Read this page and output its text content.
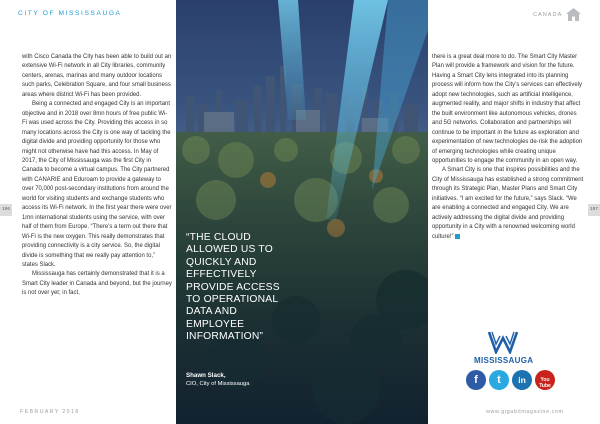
CITY OF MISSISSAUGA	CANADA
196	197

with Cisco Canada the City has been able to build out an extensive Wi-Fi network in all City libraries, community centers, arenas, marinas and many outdoor locations such parks, Celebration Square, and four small business areas where district Wi-Fi has been provided.

Being a connected and engaged City is an important objective and in 2018 over 8mn hours of free public Wi-Fi was used across the City. Providing this access in so many locations across the City is one way of tackling the digital divide and providing opportunity for those who might not otherwise have had this access. In May of 2017, the City of Mississauga was the first City in Canada to become a virtual campus. The City partnered with CANARIE and Eduroam to provide a gateway to over 70,000 post-secondary institutions from around the world for visiting students and exchange students who access its Wi-Fi network. In the first year there were over 1mn international students using the service, with over half of them from Europe. “There’s a term out there that Wi-Fi is the new oxygen. This really demonstrates that providing connectivity is a city service. So, the digital divide is something that we really pay attention to,” states Slack.

Mississauga has certainly demonstrated that it is a Smart City leader in Canada and beyond, but the journey is not over yet; in fact,

“THE CLOUD ALLOWED US TO QUICKLY AND EFFECTIVELY PROVIDE ACCESS TO OPERATIONAL DATA AND EMPLOYEE INFORMATION”
Shawn Slack,
CIO, City of Mississauga

there is a great deal more to do. The Smart City Master Plan will provide a framework and vision for the future. Having a Smart City lens integrated into its planning process will inform how the City’s services can effectively adopt new technologies, such as artificial intelligence, augmented reality, and major shifts in industry that affect the built environment like autonomous vehicles, drones and 5G networks. Collaboration and partnerships will continue to be important in the future as exploration and experimentation of new technologies de-risk the adoption of emerging technologies while creating unique opportunities to engage the community in an open way.

A Smart City is one that inspires possibilities and the City of Mississauga has established a strong commitment through its Strategic Plan, Master Plans and Smart City initiatives. “I am excited for the future,” says Slack. “We are enabling a connected and engaged City. We are actively addressing the digital divide and providing opportunity in a City with a renowned welcoming world culture!”

MISSISSAUGA
f	t	in	You Tube
FEBRUARY 2018	www.gigabitmagazine.com
